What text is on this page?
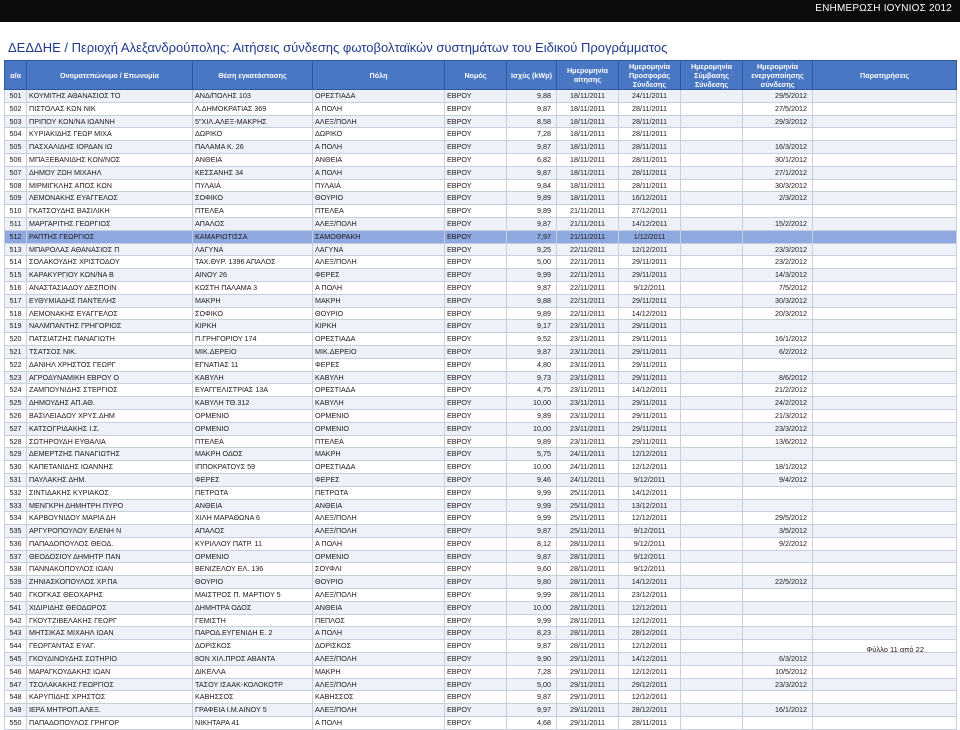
ΕΝΗΜΕΡΩΣΗ ΙΟΥΝΙΟΣ 2012
ΔΕΔΔΗΕ / Περιοχή Αλεξανδρούπολης: Αιτήσεις σύνδεσης φωτοβολταϊκών συστημάτων του Ειδικού Προγράμματος
α/α	Ονοματεπώνυμο / Επωνυμία	Θέση εγκατάστασης	Πόλη	Νομός	Ισχύς (kWp)	Ημερομηνία αίτησης	Ημερομηνία Προσφοράς Σύνδεσης	Ημερομηνία Σύμβασης Σύνδεσης	Ημερομηνία ενεργοποίησης σύνδεσης	Παρατηρήσεις
501	ΚΟΥΜΙΤΗΣ ΑΘΑΝΑΣΙΟΣ ΤΟ	ΑΝΔ/ΠΟΛΗΣ 103	ΟΡΕΣΤΙΑΔΑ	ΕΒΡΟΥ	9,88	18/11/2011	24/11/2011		29/5/2012	
502	ΠΙΣΤΟΛΑΣ ΚΩΝ ΝΙΚ	Λ.ΔΗΜΟΚΡΑΤΙΑΣ 369	Α ΠΟΛΗ	ΕΒΡΟΥ	9,87	18/11/2011	28/11/2011		27/5/2012	
503	ΠΡΙΠΟΥ ΚΩΝ/ΝΑ ΙΩΑΝΝΗ	5"ΧΙΛ.ΑΛΕΞ-ΜΑΚΡΗΣ	ΑΛΕΞ/ΠΟΛΗ	ΕΒΡΟΥ	8,58	18/11/2011	28/11/2011		29/3/2012	
504	ΚΥΡΙΑΚΙΔΗΣ ΓΕΩΡ ΜΙΧΑ	ΔΩΡΙΚΟ	ΔΩΡΙΚΟ	ΕΒΡΟΥ	7,28	18/11/2011	28/11/2011			
505	ΠΑΣΧΑΛΙΔΗΣ ΙΟΡΔΑΝ ΙΩ	ΠΑΛΑΜΑ Κ. 26	Α ΠΟΛΗ	ΕΒΡΟΥ	9,87	18/11/2011	28/11/2011		16/3/2012	
506	ΜΠΑΞΕΒΑΝΙΔΗΣ ΚΩΝ/ΝΟΣ	ΑΝΘΕΙΑ	ΑΝΘΕΙΑ	ΕΒΡΟΥ	6,82	18/11/2011	28/11/2011		30/1/2012	
507	ΔΗΜΟΥ ΖΩΗ ΜΙΧΑΗΛ	ΚΕΣΣΑΝΗΣ 34	Α ΠΟΛΗ	ΕΒΡΟΥ	9,87	18/11/2011	28/11/2011		27/1/2012	
508	ΜΙΡΜΙΓΚΛΗΣ ΑΠΟΣ ΚΩΝ	ΠΥΛΑΙΑ	ΠΥΛΑΙΑ	ΕΒΡΟΥ	9,84	18/11/2011	28/11/2011		30/3/2012	
509	ΛΕΜΟΝΑΚΗΣ ΕΥΑΓΓΕΛΟΣ	ΣΟΦΙΚΟ	ΘΟΥΡΙΟ	ΕΒΡΟΥ	9,89	18/11/2011	16/12/2011		2/3/2012	
510	ΓΚΑΤΣΟΥΔΗΣ ΒΑΣΙΛΙΚΗ	ΠΤΕΛΕΑ	ΠΤΕΛΕΑ	ΕΒΡΟΥ	9,89	21/11/2011	27/12/2011			
511	ΜΑΡΓΑΡΙΤΗΣ ΓΕΩΡΓΙΟΣ	ΑΠΑΛΟΣ	ΑΛΕΞ/ΠΟΛΗ	ΕΒΡΟΥ	9,87	21/11/2011	14/12/2011		15/2/2012	
512	ΡΑΠΤΗΣ ΓΕΩΡΓΙΟΣ	ΚΑΜΑΡΙΩΤΙΣΣΑ	ΣΑΜΟΘΡΑΚΗ	ΕΒΡΟΥ	7,97	21/11/2011	1/12/2011			
513	ΜΠΑΡΟΛΑΣ ΑΘΑΝΑΣΙΟΣ Π	ΛΑΓΥΝΑ	ΛΑΓΥΝΑ	ΕΒΡΟΥ	9,25	22/11/2011	12/12/2011		23/3/2012	
514	ΣΟΛΑΚΟΥΔΗΣ ΧΡΙΣΤΟΔΟΥ	ΤΑΧ.ΘΥΡ. 1396 ΑΠΑΛΟΣ	ΑΛΕΞ/ΠΟΛΗ	ΕΒΡΟΥ	5,00	22/11/2011	29/11/2011		23/2/2012	
515	ΚΑΡΑΚΥΡΓΙΟΥ ΚΩΝ/ΝΑ Β	ΑΙΝΟΥ 26	ΦΕΡΕΣ	ΕΒΡΟΥ	9,99	22/11/2011	29/11/2011		14/3/2012	
516	ΑΝΑΣΤΑΣΙΑΔΟΥ ΔΕΣΠΟΙΝ	ΚΩΣΤΗ ΠΑΛΑΜΑ 3	Α ΠΟΛΗ	ΕΒΡΟΥ	9,87	22/11/2011	9/12/2011		7/5/2012	
517	ΕΥΘΥΜΙΑΔΗΣ ΠΑΝΤΕΛΗΣ	ΜΑΚΡΗ	ΜΑΚΡΗ	ΕΒΡΟΥ	9,88	22/11/2011	29/11/2011		30/3/2012	
518	ΛΕΜΟΝΑΚΗΣ ΕΥΑΓΓΕΛΟΣ	ΣΟΦΙΚΟ	ΘΟΥΡΙΟ	ΕΒΡΟΥ	9,89	22/11/2011	14/12/2011		20/3/2012	
519	ΝΑΛΜΠΑΝΤΗΣ ΓΡΗΓΟΡΙΟΣ	ΚΙΡΚΗ	ΚΙΡΚΗ	ΕΒΡΟΥ	9,17	23/11/2011	29/11/2011			
520	ΠΑΤΣΙΑΤΖΗΣ ΠΑΝΑΓΙΩΤΗ	Π.ΓΡΗΓΟΡΙΟΥ 174	ΟΡΕΣΤΙΑΔΑ	ΕΒΡΟΥ	9,52	23/11/2011	29/11/2011		16/1/2012	
521	ΤΣΑΤΣΟΣ ΝΙΚ.	ΜΙΚ.ΔΕΡΕΙΟ	ΜΙΚ.ΔΕΡΕΙΟ	ΕΒΡΟΥ	9,87	23/11/2011	29/11/2011		6/2/2012	
522	ΔΑΝΙΗΛ ΧΡΗΣΤΟΣ ΓΕΩΡΓ	ΕΓΝΑΤΙΑΣ 11	ΦΕΡΕΣ	ΕΒΡΟΥ	4,80	23/11/2011	29/11/2011			
523	ΑΓΡΟΔΥΝΑΜΙΚΗ ΕΒΡΟΥ Ο	ΚΑΒΥΛΗ	ΚΑΒΥΛΗ	ΕΒΡΟΥ	9,73	23/11/2011	29/11/2011		8/6/2012	
524	ΖΑΜΠΟΥΝΙΔΗΣ ΣΤΕΡΓΙΟΣ	ΕΥΑΓΓΕΛΙΣΤΡΙΑΣ 13Α	ΟΡΕΣΤΙΑΔΑ	ΕΒΡΟΥ	4,75	23/11/2011	14/12/2011		21/2/2012	
525	ΔΗΜΟΥΔΗΣ ΑΠ.ΑΘ.	ΚΑΒΥΛΗ ΤΘ.312	ΚΑΒΥΛΗ	ΕΒΡΟΥ	10,00	23/11/2011	29/11/2011		24/2/2012	
526	ΒΑΣΙΛΕΙΑΔΟΥ ΧΡΥΣ.ΔΗΜ	ΟΡΜΕΝΙΟ	ΟΡΜΕΝΙΟ	ΕΒΡΟΥ	9,89	23/11/2011	29/11/2011		21/3/2012	
527	ΚΑΤΣΟΓΡΙΔΑΚΗΣ Ι.Σ.	ΟΡΜΕΝΙΟ	ΟΡΜΕΝΙΟ	ΕΒΡΟΥ	10,00	23/11/2011	29/11/2011		23/3/2012	
528	ΣΩΤΗΡΟΥΔΗ ΕΥΘΑΛΙΑ	ΠΤΕΛΕΑ	ΠΤΕΛΕΑ	ΕΒΡΟΥ	9,89	23/11/2011	29/11/2011		13/6/2012	
529	ΔΕΜΕΡΤΖΗΣ ΠΑΝΑΓΙΩΤΗΣ	ΜΑΚΡΗ ΟΔΟΣ	ΜΑΚΡΗ	ΕΒΡΟΥ	5,75	24/11/2011	12/12/2011			
530	ΚΑΠΕΤΑΝΙΔΗΣ ΙΩΑΝΝΗΣ	ΙΠΠΟΚΡΑΤΟΥΣ 59	ΟΡΕΣΤΙΑΔΑ	ΕΒΡΟΥ	10,00	24/11/2011	12/12/2011		18/1/2012	
531	ΠΑΥΛΑΚΗΣ ΔΗΜ.	ΦΕΡΕΣ	ΦΕΡΕΣ	ΕΒΡΟΥ	9,46	24/11/2011	9/12/2011		9/4/2012	
532	ΣΙΝΤΙΔΑΚΗΣ ΚΥΡΙΑΚΟΣ	ΠΕΤΡΩΤΑ	ΠΕΤΡΩΤΑ	ΕΒΡΟΥ	9,99	25/11/2011	14/12/2011			
533	ΜΕΝΓΚΡΗ ΔΗΜΗΤΡΗ ΠΥΡΟ	ΑΝΘΕΙΑ	ΑΝΘΕΙΑ	ΕΒΡΟΥ	9,99	25/11/2011	13/12/2011			
534	ΚΑΡΒΟΥΝΙΔΟΥ ΜΑΡΙΑ ΔΗ	ΧΙΛΗ ΜΑΡΑΘΩΝΑ 6	ΑΛΕΞ/ΠΟΛΗ	ΕΒΡΟΥ	9,99	25/11/2011	12/12/2011		29/5/2012	
535	ΑΡΓΥΡΟΠΟΥΛΟΥ ΕΛΕΝΗ Ν	ΑΠΑΛΟΣ	ΑΛΕΞ/ΠΟΛΗ	ΕΒΡΟΥ	9,87	25/11/2011	9/12/2011		3/5/2012	
536	ΠΑΠΑΔΟΠΟΥΛΟΣ ΘΕΟΔ.	ΚΥΡΙΛΛΟΥ ΠΑΤΡ. 11	Α ΠΟΛΗ	ΕΒΡΟΥ	8,12	28/11/2011	9/12/2011		9/2/2012	
537	ΘΕΟΔΟΣΙΟΥ ΔΗΜΗΤΡ ΠΑΝ	ΟΡΜΕΝΙΟ	ΟΡΜΕΝΙΟ	ΕΒΡΟΥ	9,87	28/11/2011	9/12/2011			
538	ΠΑΝΝΑΚΟΠΟΥΛΟΣ ΙΩΑΝ	ΒΕΝΙΖΕΛΟΥ ΕΛ. 136	ΣΟΥΦΛΙ	ΕΒΡΟΥ	9,60	28/11/2011	9/12/2011			
539	ΖΗΝΙΑΣΚΟΠΟΥΛΟΣ ΧΡ.ΠΑ	ΘΟΥΡΙΟ	ΘΟΥΡΙΟ	ΕΒΡΟΥ	9,80	28/11/2011	14/12/2011		22/5/2012	
540	ΓΚΟΓΚΑΣ ΘΕΟΧΑΡΗΣ	ΜΑΙΣΤΡΟΣ Π. ΜΑΡΤΙΟΥ 5	ΑΛΕΞ/ΠΟΛΗ	ΕΒΡΟΥ	9,99	28/11/2011	23/12/2011			
541	ΧΙΔΙΡΙΔΗΣ ΘΕΟΔΩΡΟΣ	ΔΗΜΗΤΡΑ ΟΔΟΣ	ΑΝΘΕΙΑ	ΕΒΡΟΥ	10,00	28/11/2011	12/12/2011			
542	ΓΚΟΥΤΖΙΒΕΛΑΚΗΣ ΓΕΩΡΓ	ΓΕΜΙΣΤΗ	ΠΕΠΛΟΣ	ΕΒΡΟΥ	9,99	28/11/2011	12/12/2011			
543	ΜΗΤΣΙΚΑΣ ΜΙΧΑΗΛ ΙΩΑΝ	ΠΑΡΟΔ.ΕΥΓΕΝΙΔΗ Ε. 2	Α ΠΟΛΗ	ΕΒΡΟΥ	8,23	28/11/2011	28/12/2011			
544	ΓΕΩΡΓΑΝΤΑΣ ΕΥΑΓ.	ΔΟΡΙΣΚΟΣ	ΔΟΡΙΣΚΟΣ	ΕΒΡΟΥ	9,87	28/11/2011	12/12/2011			
545	ΓΚΟΥΔΙΝΟΥΔΗΣ ΣΩΤΗΡΙΟ	8ΟΝ ΧΙΛ.ΠΡΟΣ ΑΒΑΝΤΑ	ΑΛΕΞ/ΠΟΛΗ	ΕΒΡΟΥ	9,90	29/11/2011	14/12/2011		6/3/2012	
546	ΜΑΡΑΓΚΟΥΔΑΚΗΣ ΙΩΑΝ	ΔΙΚΕΛΛΑ	ΜΑΚΡΗ	ΕΒΡΟΥ	7,28	29/11/2011	12/12/2011		10/5/2012	
547	ΤΣΟΛΑΚΑΚΗΣ ΓΕΩΡΓΙΟΣ	ΤΑΣΟΥ ΙΣΑΑΚ-ΚΟΛΟΚΟΤΡ	ΑΛΕΞ/ΠΟΛΗ	ΕΒΡΟΥ	5,00	29/11/2011	29/12/2011		23/3/2012	
548	ΚΑΡΥΠΙΔΗΣ ΧΡΗΣΤΟΣ	ΚΑΒΗΣΣΟΣ	ΚΑΒΗΣΣΟΣ	ΕΒΡΟΥ	9,87	29/11/2011	12/12/2011			
549	ΙΕΡΑ ΜΗΤΡΟΠ.ΑΛΕΞ.	ΓΡΑΦΕΙΑ Ι.Μ.ΑΙΝΟΥ 5	ΑΛΕΞ/ΠΟΛΗ	ΕΒΡΟΥ	9,97	29/11/2011	28/12/2011		16/1/2012	
550	ΠΑΠΑΔΟΠΟΥΛΟΣ ΓΡΗΓΟΡ	ΝΙΚΗΤΑΡΑ 41	Α ΠΟΛΗ	ΕΒΡΟΥ	4,68	29/11/2011	28/11/2011			
Φύλλο 11 από 22
